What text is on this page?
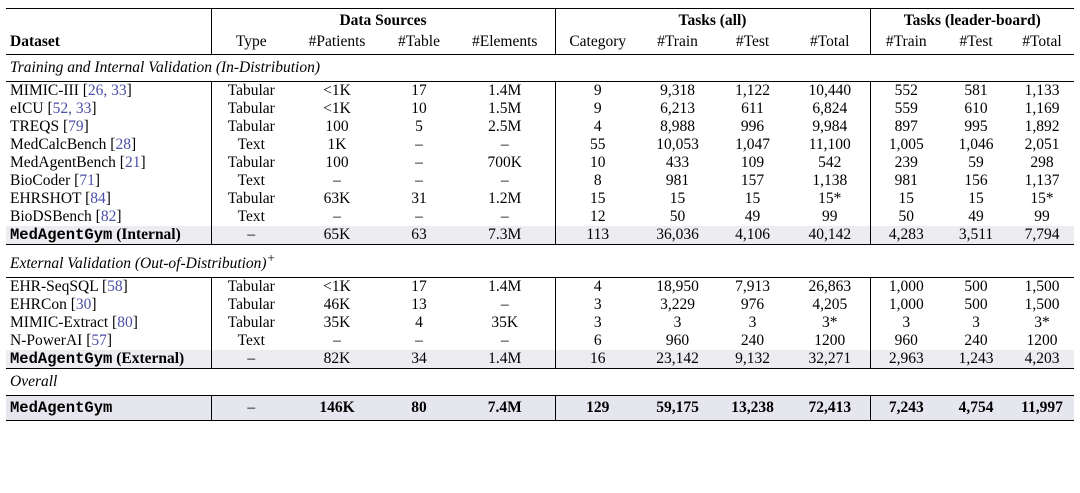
	Data Sources				Tasks (all)				Tasks (leader-board)		
Dataset	Type	#Patients	#Table	#Elements	Category	#Train	#Test	#Total	#Train	#Test	#Total
Training and Internal Validation (In-Distribution)											
MIMIC-III [26, 33]	Tabular	<1K	17	1.4M	9	9,318	1,122	10,440	552	581	1,133
eICU [52, 33]	Tabular	<1K	10	1.5M	9	6,213	611	6,824	559	610	1,169
TREQS [79]	Tabular	100	5	2.5M	4	8,988	996	9,984	897	995	1,892
MedCalcBench [28]	Text	1K	–	–	55	10,053	1,047	11,100	1,005	1,046	2,051
MedAgentBench [21]	Tabular	100	–	700K	10	433	109	542	239	59	298
BioCoder [71]	Text	–	–	–	8	981	157	1,138	981	156	1,137
EHRSHOT [84]	Tabular	63K	31	1.2M	15	15	15	15*	15	15	15*
BioDSBench [82]	Text	–	–	–	12	50	49	99	50	49	99
MedAgentGym (Internal)	–	65K	63	7.3M	113	36,036	4,106	40,142	4,283	3,511	7,794
External Validation (Out-of-Distribution)+
EHR-SeqSQL [58]	Tabular	<1K	17	1.4M	4	18,950	7,913	26,863	1,000	500	1,500
EHRCon [30]	Tabular	46K	13	–	3	3,229	976	4,205	1,000	500	1,500
MIMIC-Extract [80]	Tabular	35K	4	35K	3	3	3	3*	3	3	3*
N-PowerAI [57]	Text	–	–	–	6	960	240	1200	960	240	1200
MedAgentGym (External)	–	82K	34	1.4M	16	23,142	9,132	32,271	2,963	1,243	4,203
Overall											
MedAgentGym	–	146K	80	7.4M	129	59,175	13,238	72,413	7,243	4,754	11,997
